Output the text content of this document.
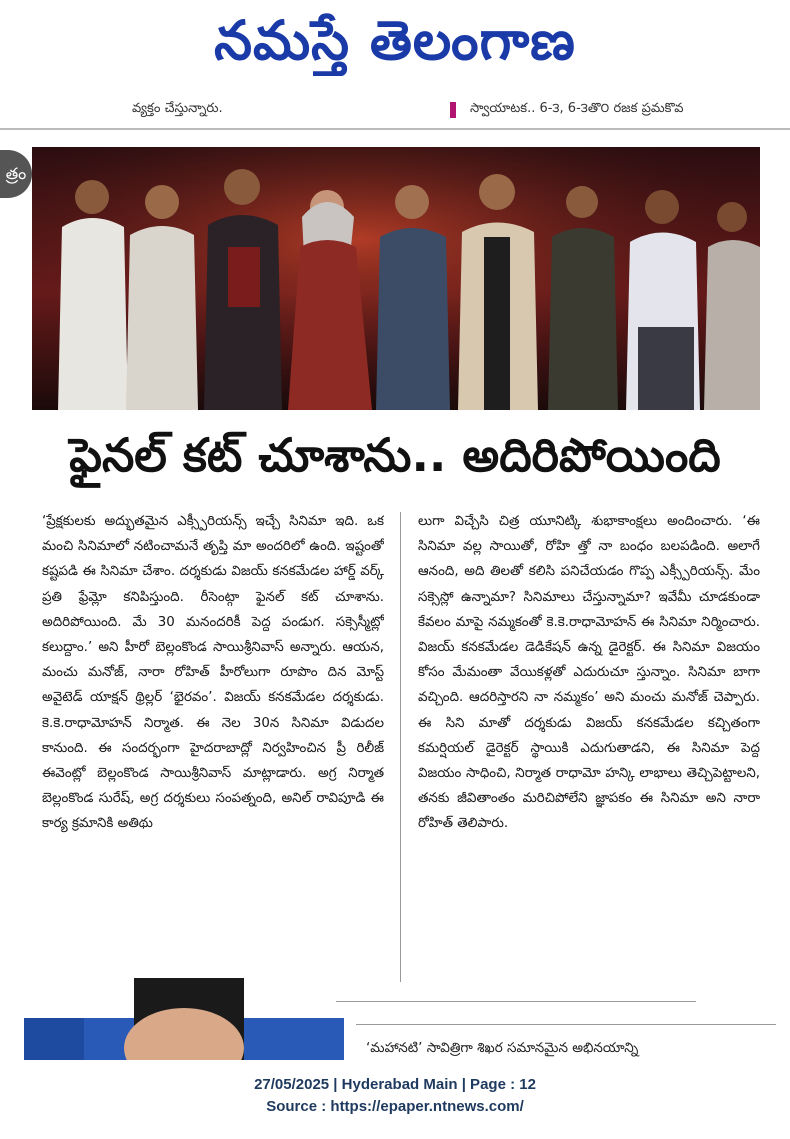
నమస్తే తెలంగాణ
వ్యక్తం చేస్తున్నారు.	స్వాయాటక.. 6-౩, 6-౩తొ౦ రజక ప్రమకొవ
త్రం
ఫైనల్ కట్ చూశాను.. అదిరిపోయింది
‘ప్రేక్షకులకు అద్భుతమైన ఎక్స్పీరియన్స్ ఇచ్చే సినిమా ఇది. ఒక మంచి సినిమాలో నటించామనే తృప్తి మా అందరిలో ఉంది. ఇష్టంతో కష్టపడి ఈ సినిమా చేశాం. దర్శకుడు విజయ్ కనకమేడల హార్డ్ వర్క్ ప్రతి ఫ్రేమ్లో కనిపిస్తుంది. రీసెంట్గా ఫైనల్ కట్ చూశాను. అదిరిపోయింది. మే 30 మనందరికీ పెద్ద పండుగ. సక్సెస్మీట్లో కలుద్దాం.’ అని హీరో బెల్లంకొండ సాయిశ్రీనివాస్ అన్నారు. ఆయన, మంచు మనోజ్, నారా రోహిత్ హీరోలుగా రూపొం దిన మోస్ట్ అవైటెడ్ యాక్షన్ థ్రిల్లర్ ‘భైరవం’. విజయ్ కనకమేడల దర్శకుడు. కె.కె.రాధామోహన్ నిర్మాత. ఈ నెల 30న సినిమా విడుదల కానుంది. ఈ సందర్భంగా హైదరాబాద్లో నిర్వహించిన ప్రీ రిలీజ్ ఈవెంట్లో బెల్లంకొండ సాయిశ్రీనివాస్ మాట్లాడారు. అగ్ర నిర్మాత బెల్లంకొండ సురేష్, అగ్ర దర్శకులు సంపత్నంది, అనిల్ రావిపూడి ఈ కార్య క్రమానికి అతిథు
లుగా విచ్చేసి చిత్ర యూనిట్కి శుభాకాంక్షలు అందించారు. ‘ఈ సినిమా వల్ల సాయితో, రోహి త్తో నా బంధం బలపడింది. అలాగే ఆనంది, అది తిలతో కలిసి పనిచేయడం గొప్ప ఎక్స్పీరియన్స్. మేం సక్సెస్లో ఉన్నామా? సినిమాలు చేస్తున్నామా? ఇవేమీ చూడకుండా కేవలం మాపై నమ్మకంతో కె.కె.రాధామోహన్ ఈ సినిమా నిర్మించారు. విజయ్ కనకమేడల డెడికేషన్ ఉన్న డైరెక్టర్. ఈ సినిమా విజయం కోసం మేమంతా వేయికళ్లతో ఎదురుచూ స్తున్నాం. సినిమా బాగా వచ్చింది. ఆదరిస్తారని నా నమ్మకం’ అని మంచు మనోజ్ చెప్పారు. ఈ సిని మాతో దర్శకుడు విజయ్ కనకమేడల కచ్చితంగా కమర్షియల్ డైరెక్టర్ స్థాయికి ఎదుగుతాడని, ఈ సినిమా పెద్ద విజయం సాధించి, నిర్మాత రాధామో హన్కి లాభాలు తెచ్చిపెట్టాలని, తనకు జీవితాంతం మరిచిపోలేని జ్ఞాపకం ఈ సినిమా అని నారా రోహిత్ తెలిపారు.
‘మహానటి’ సావిత్రిగా శిఖర సమానమైన అభినయాన్ని
27/05/2025 | Hyderabad Main | Page : 12
Source : https://epaper.ntnews.com/
